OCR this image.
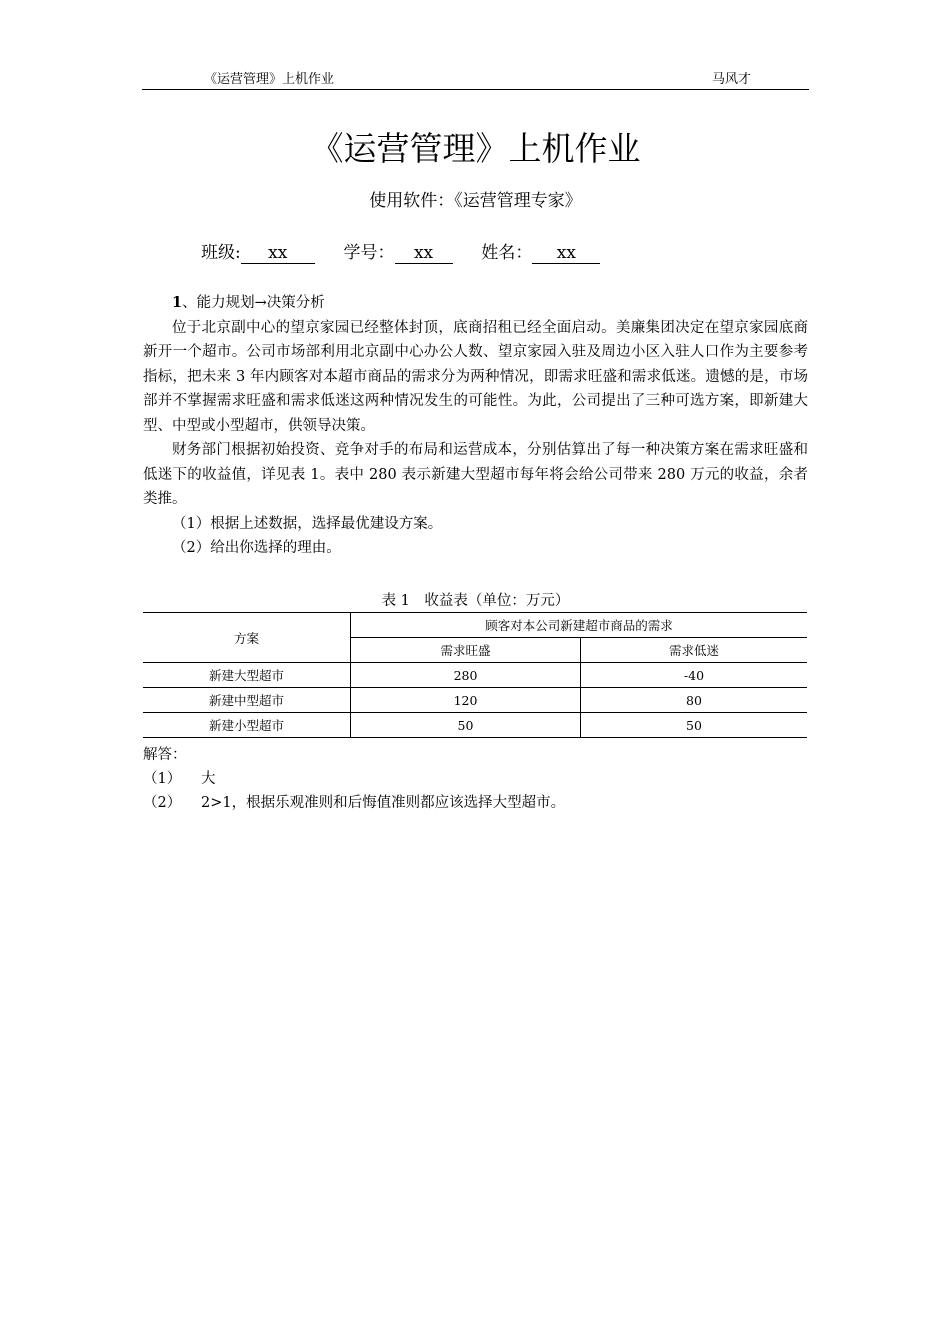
《运营管理》上机作业	马风才
《运营管理》上机作业
使用软件：《运营管理专家》
班级: xx	学号： xx	姓名： xx

1、能力规划→决策分析

位于北京副中心的望京家园已经整体封顶，底商招租已经全面启动。美廉集团决定在望京家园底商新开一个超市。公司市场部利用北京副中心办公人数、望京家园入驻及周边小区入驻人口作为主要参考指标，把未来 3 年内顾客对本超市商品的需求分为两种情况，即需求旺盛和需求低迷。遗憾的是，市场部并不掌握需求旺盛和需求低迷这两种情况发生的可能性。为此，公司提出了三种可选方案，即新建大型、中型或小型超市，供领导决策。

财务部门根据初始投资、竞争对手的布局和运营成本，分别估算出了每一种决策方案在需求旺盛和低迷下的收益值，详见表 1。表中 280 表示新建大型超市每年将会给公司带来 280 万元的收益，余者类推。

（1）根据上述数据，选择最优建设方案。

（2）给出你选择的理由。

表 1　收益表（单位：万元）
方案	顾客对本公司新建超市商品的需求	
	需求旺盛	需求低迷
新建大型超市	280	-40
新建中型超市	120	80
新建小型超市	50	50

解答：

（1） 大

（2） 2>1，根据乐观准则和后悔值准则都应该选择大型超市。
